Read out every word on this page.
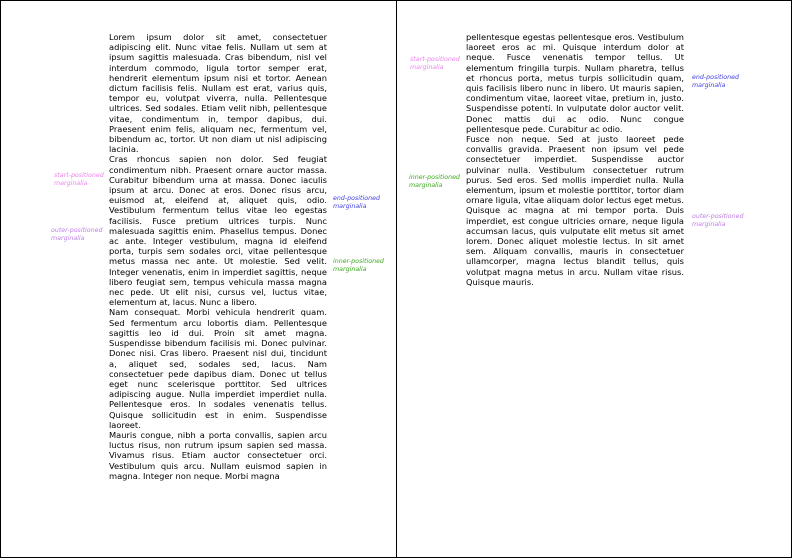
Lorem ipsum dolor sit amet, consectetuer adipiscing elit. Nunc vitae felis. Nullam ut sem at ipsum sagittis malesuada. Cras bibendum, nisl vel interdum commodo, ligula tortor semper erat, hendrerit elementum ipsum nisi et tortor. Aenean dictum facilisis felis. Nullam est erat, varius quis, tempor eu, volutpat viverra, nulla. Pellentesque ultrices. Sed sodales. Etiam velit nibh, pellentesque vitae, condimentum in, tempor dapibus, dui. Praesent enim felis, aliquam nec, fermentum vel, bibendum ac, tortor. Ut non diam ut nisl adipiscing lacinia.

Cras rhoncus sapien non dolor. Sed feugiat condimentum nibh. Praesent ornare auctor massa. Curabitur bibendum urna at massa. Donec iaculis ipsum at arcu. Donec at eros. Donec risus arcu, euismod at, eleifend at, aliquet quis, odio. Vestibulum fermentum tellus vitae leo egestas facilisis. Fusce pretium ultrices turpis. Nunc malesuada sagittis enim. Phasellus tempus. Donec ac ante. Integer vestibulum, magna id eleifend porta, turpis sem sodales orci, vitae pellentesque metus massa nec ante. Ut molestie. Sed velit. Integer venenatis, enim in imperdiet sagittis, neque libero feugiat sem, tempus vehicula massa magna nec pede. Ut elit nisi, cursus vel, luctus vitae, elementum at, lacus. Nunc a libero.

Nam consequat. Morbi vehicula hendrerit quam. Sed fermentum arcu lobortis diam. Pellentesque sagittis leo id dui. Proin sit amet magna. Suspendisse bibendum facilisis mi. Donec pulvinar. Donec nisi. Cras libero. Praesent nisl dui, tincidunt a, aliquet sed, sodales sed, lacus. Nam consectetuer pede dapibus diam. Donec ut tellus eget nunc scelerisque porttitor. Sed ultrices adipiscing augue. Nulla imperdiet imperdiet nulla. Pellentesque eros. In sodales venenatis tellus. Quisque sollicitudin est in enim. Suspendisse laoreet.

Mauris congue, nibh a porta convallis, sapien arcu luctus risus, non rutrum ipsum sapien sed massa. Vivamus risus. Etiam auctor consectetuer orci. Vestibulum quis arcu. Nullam euismod sapien in magna. Integer non neque. Morbi magna

start-positioned marginalia
outer-positioned marginalia
end-positioned marginalia
inner-positioned marginalia

pellentesque egestas pellentesque eros. Vestibulum laoreet eros ac mi. Quisque interdum dolor at neque. Fusce venenatis tempor tellus. Ut elementum fringilla turpis. Nullam pharetra, tellus et rhoncus porta, metus turpis sollicitudin quam, quis facilisis libero nunc in libero. Ut mauris sapien, condimentum vitae, laoreet vitae, pretium in, justo. Suspendisse potenti. In vulputate dolor auctor velit. Donec mattis dui ac odio. Nunc congue pellentesque pede. Curabitur ac odio.

Fusce non neque. Sed at justo laoreet pede convallis gravida. Praesent non ipsum vel pede consectetuer imperdiet. Suspendisse auctor pulvinar nulla. Vestibulum consectetuer rutrum purus. Sed eros. Sed mollis imperdiet nulla. Nulla elementum, ipsum et molestie porttitor, tortor diam ornare ligula, vitae aliquam dolor lectus eget metus. Quisque ac magna at mi tempor porta. Duis imperdiet, est congue ultricies ornare, neque ligula accumsan lacus, quis vulputate elit metus sit amet lorem. Donec aliquet molestie lectus. In sit amet sem. Aliquam convallis, mauris in consectetuer ullamcorper, magna lectus blandit tellus, quis volutpat magna metus in arcu. Nullam vitae risus. Quisque mauris.

start-positioned marginalia
inner-positioned marginalia
end-positioned marginalia
outer-positioned marginalia
